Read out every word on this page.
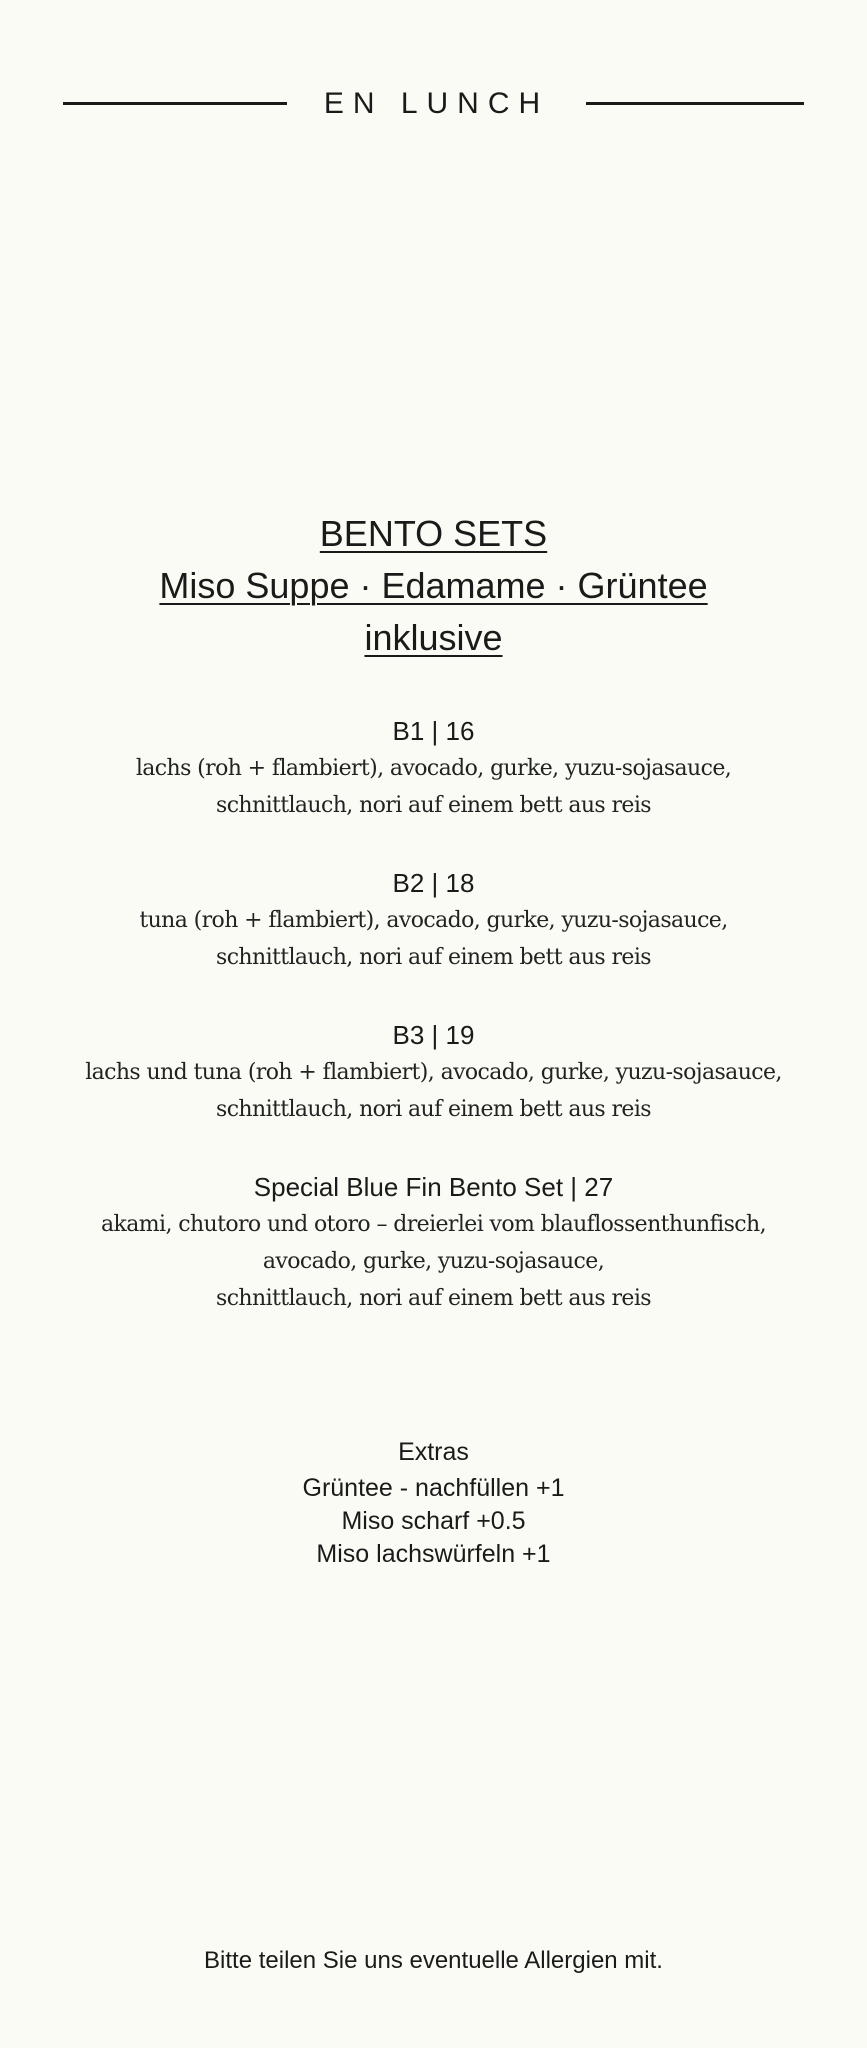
EN LUNCH
BENTO SETS
Miso Suppe · Edamame · Grüntee
inklusive
B1 | 16
lachs (roh + flambiert), avocado, gurke, yuzu-sojasauce,
schnittlauch, nori auf einem bett aus reis
B2 | 18
tuna (roh + flambiert), avocado, gurke, yuzu-sojasauce,
schnittlauch, nori auf einem bett aus reis
B3 | 19
lachs und tuna (roh + flambiert), avocado, gurke, yuzu-sojasauce,
schnittlauch, nori auf einem bett aus reis
Special Blue Fin Bento Set | 27
akami, chutoro und otoro – dreierlei vom blauflossenthunfisch,
avocado, gurke, yuzu-sojasauce,
schnittlauch, nori auf einem bett aus reis
Extras
Grüntee - nachfüllen +1
Miso scharf +0.5
Miso lachswürfeln +1
Bitte teilen Sie uns eventuelle Allergien mit.
